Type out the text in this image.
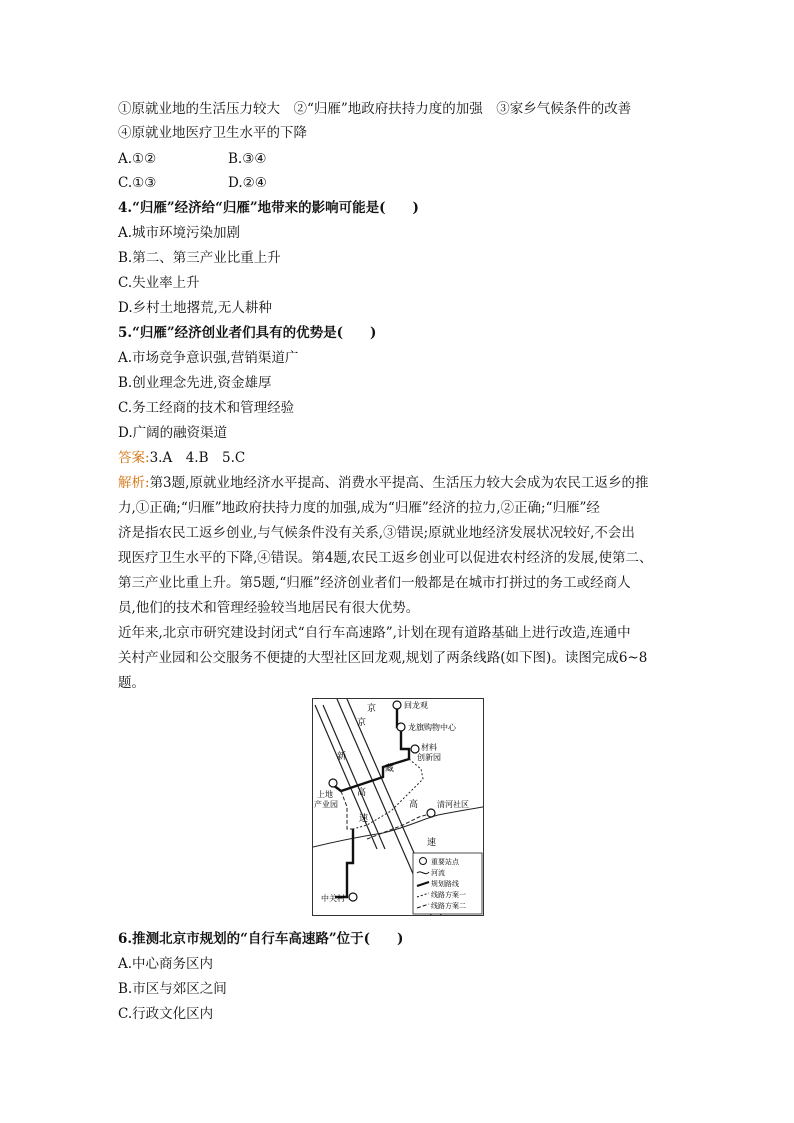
①原就业地的生活压力较大　②“归雁”地政府扶持力度的加强　③家乡气候条件的改善
④原就业地医疗卫生水平的下降
A.①②	B.③④
C.①③	D.②④
4.“归雁”经济给“归雁”地带来的影响可能是(　　)
A.城市环境污染加剧
B.第二、第三产业比重上升
C.失业率上升
D.乡村土地撂荒,无人耕种
5.“归雁”经济创业者们具有的优势是(　　)
A.市场竞争意识强,营销渠道广
B.创业理念先进,资金雄厚
C.务工经商的技术和管理经验
D.广阔的融资渠道
答案:3.A　4.B　5.C
解析:第3题,原就业地经济水平提高、消费水平提高、生活压力较大会成为农民工返乡的推
力,①正确;“归雁”地政府扶持力度的加强,成为“归雁”经济的拉力,②正确;“归雁”经
济是指农民工返乡创业,与气候条件没有关系,③错误;原就业地经济发展状况较好,不会出
现医疗卫生水平的下降,④错误。第4题,农民工返乡创业可以促进农村经济的发展,使第二、
第三产业比重上升。第5题,“归雁”经济创业者们一般都是在城市打拼过的务工或经商人
员,他们的技术和管理经验较当地居民有很大优势。
近年来,北京市研究建设封闭式“自行车高速路”,计划在现有道路基础上进行改造,连通中
关村产业园和公交服务不便捷的大型社区回龙观,规划了两条线路(如下图)。读图完成6~8
题。
回龙观
龙旗购物中心
材料
创新园
上地
产业园	清河社区
中关村
京
新
高
速
京
藏
高
速
重要站点
河流
规划路线
线路方案一
线路方案二
6.推测北京市规划的“自行车高速路”位于(　　)
A.中心商务区内
B.市区与郊区之间
C.行政文化区内
